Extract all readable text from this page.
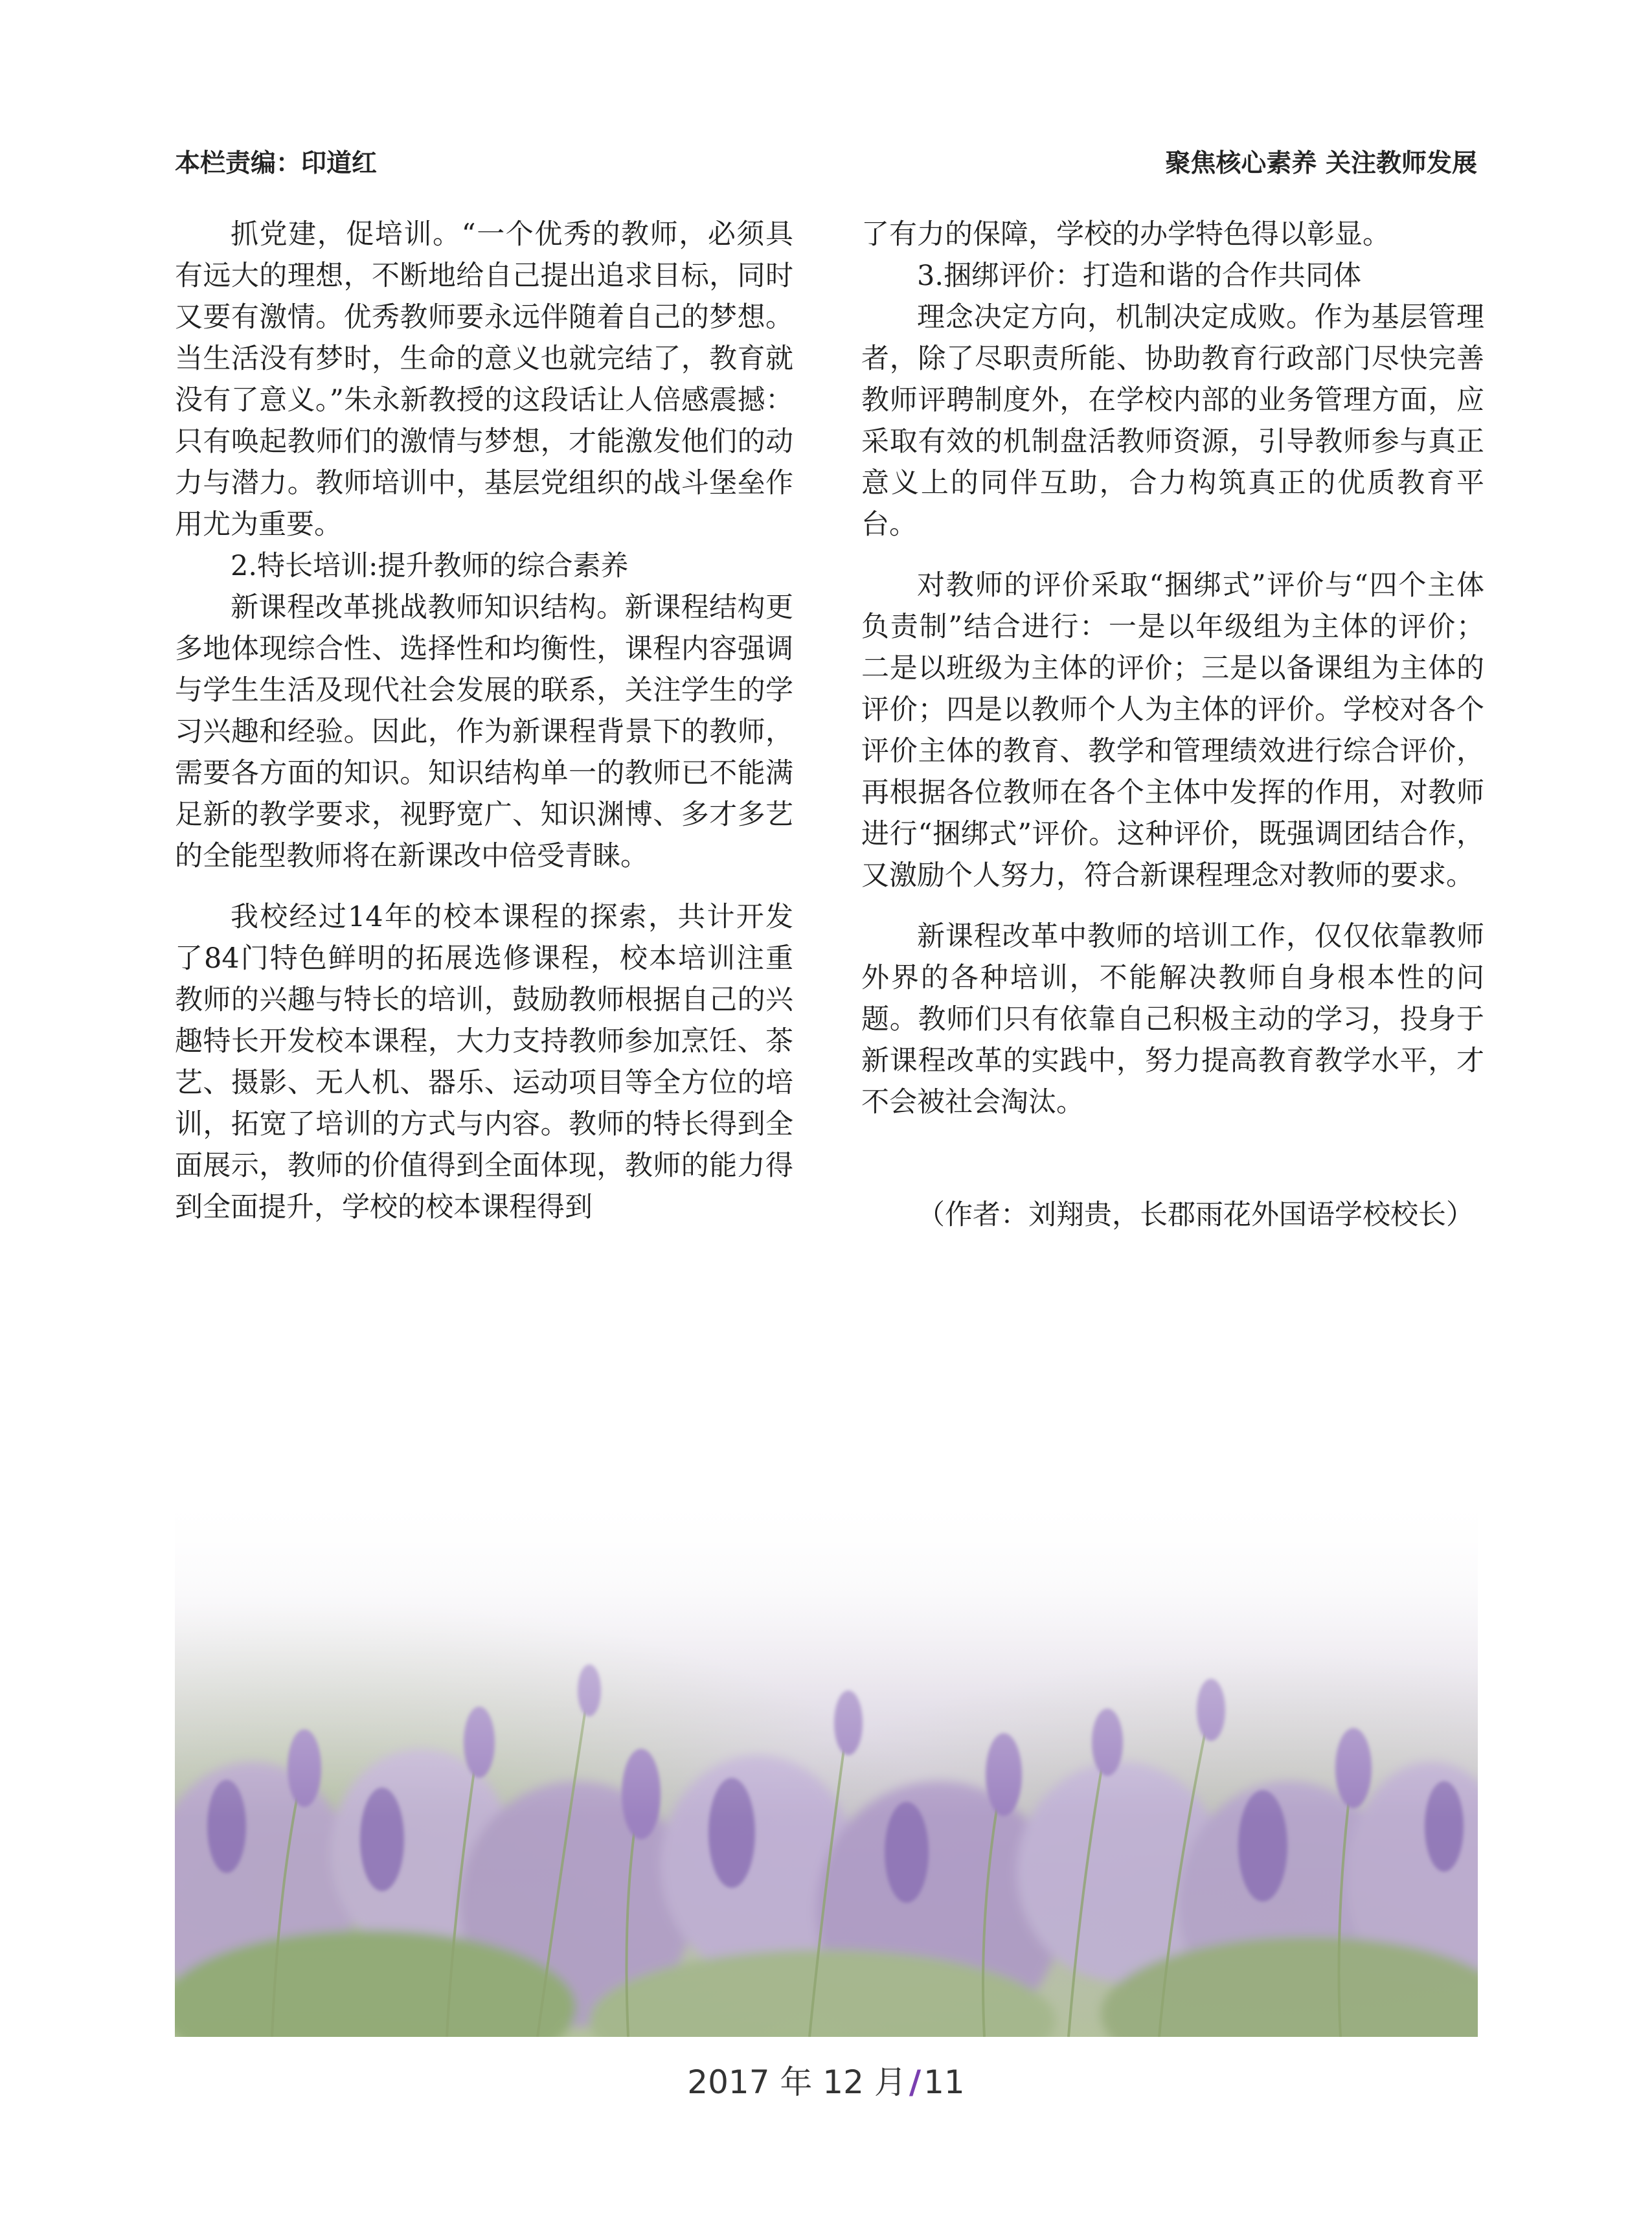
本栏责编：印道红	聚焦核心素养 关注教师发展

抓党建，促培训。“一个优秀的教师，必须具有远大的理想，不断地给自己提出追求目标，同时又要有激情。优秀教师要永远伴随着自己的梦想。当生活没有梦时，生命的意义也就完结了，教育就没有了意义。”朱永新教授的这段话让人倍感震撼：只有唤起教师们的激情与梦想，才能激发他们的动力与潜力。教师培训中，基层党组织的战斗堡垒作用尤为重要。

2.特长培训:提升教师的综合素养

新课程改革挑战教师知识结构。新课程结构更多地体现综合性、选择性和均衡性，课程内容强调与学生生活及现代社会发展的联系，关注学生的学习兴趣和经验。因此，作为新课程背景下的教师，需要各方面的知识。知识结构单一的教师已不能满足新的教学要求，视野宽广、知识渊博、多才多艺的全能型教师将在新课改中倍受青睐。

我校经过14年的校本课程的探索，共计开发了84门特色鲜明的拓展选修课程，校本培训注重教师的兴趣与特长的培训，鼓励教师根据自己的兴趣特长开发校本课程，大力支持教师参加烹饪、茶艺、摄影、无人机、器乐、运动项目等全方位的培训，拓宽了培训的方式与内容。教师的特长得到全面展示，教师的价值得到全面体现，教师的能力得到全面提升，学校的校本课程得到

了有力的保障，学校的办学特色得以彰显。

3.捆绑评价：打造和谐的合作共同体

理念决定方向，机制决定成败。作为基层管理者，除了尽职责所能、协助教育行政部门尽快完善教师评聘制度外，在学校内部的业务管理方面，应采取有效的机制盘活教师资源，引导教师参与真正意义上的同伴互助，合力构筑真正的优质教育平台。

对教师的评价采取“捆绑式”评价与“四个主体负责制”结合进行：一是以年级组为主体的评价；二是以班级为主体的评价；三是以备课组为主体的评价；四是以教师个人为主体的评价。学校对各个评价主体的教育、教学和管理绩效进行综合评价，再根据各位教师在各个主体中发挥的作用，对教师进行“捆绑式”评价。这种评价，既强调团结合作，又激励个人努力，符合新课程理念对教师的要求。

新课程改革中教师的培训工作，仅仅依靠教师外界的各种培训，不能解决教师自身根本性的问题。教师们只有依靠自己积极主动的学习，投身于新课程改革的实践中，努力提高教育教学水平，才不会被社会淘汰。

（作者：刘翔贵，长郡雨花外国语学校校长）

2017 年 12 月/11
